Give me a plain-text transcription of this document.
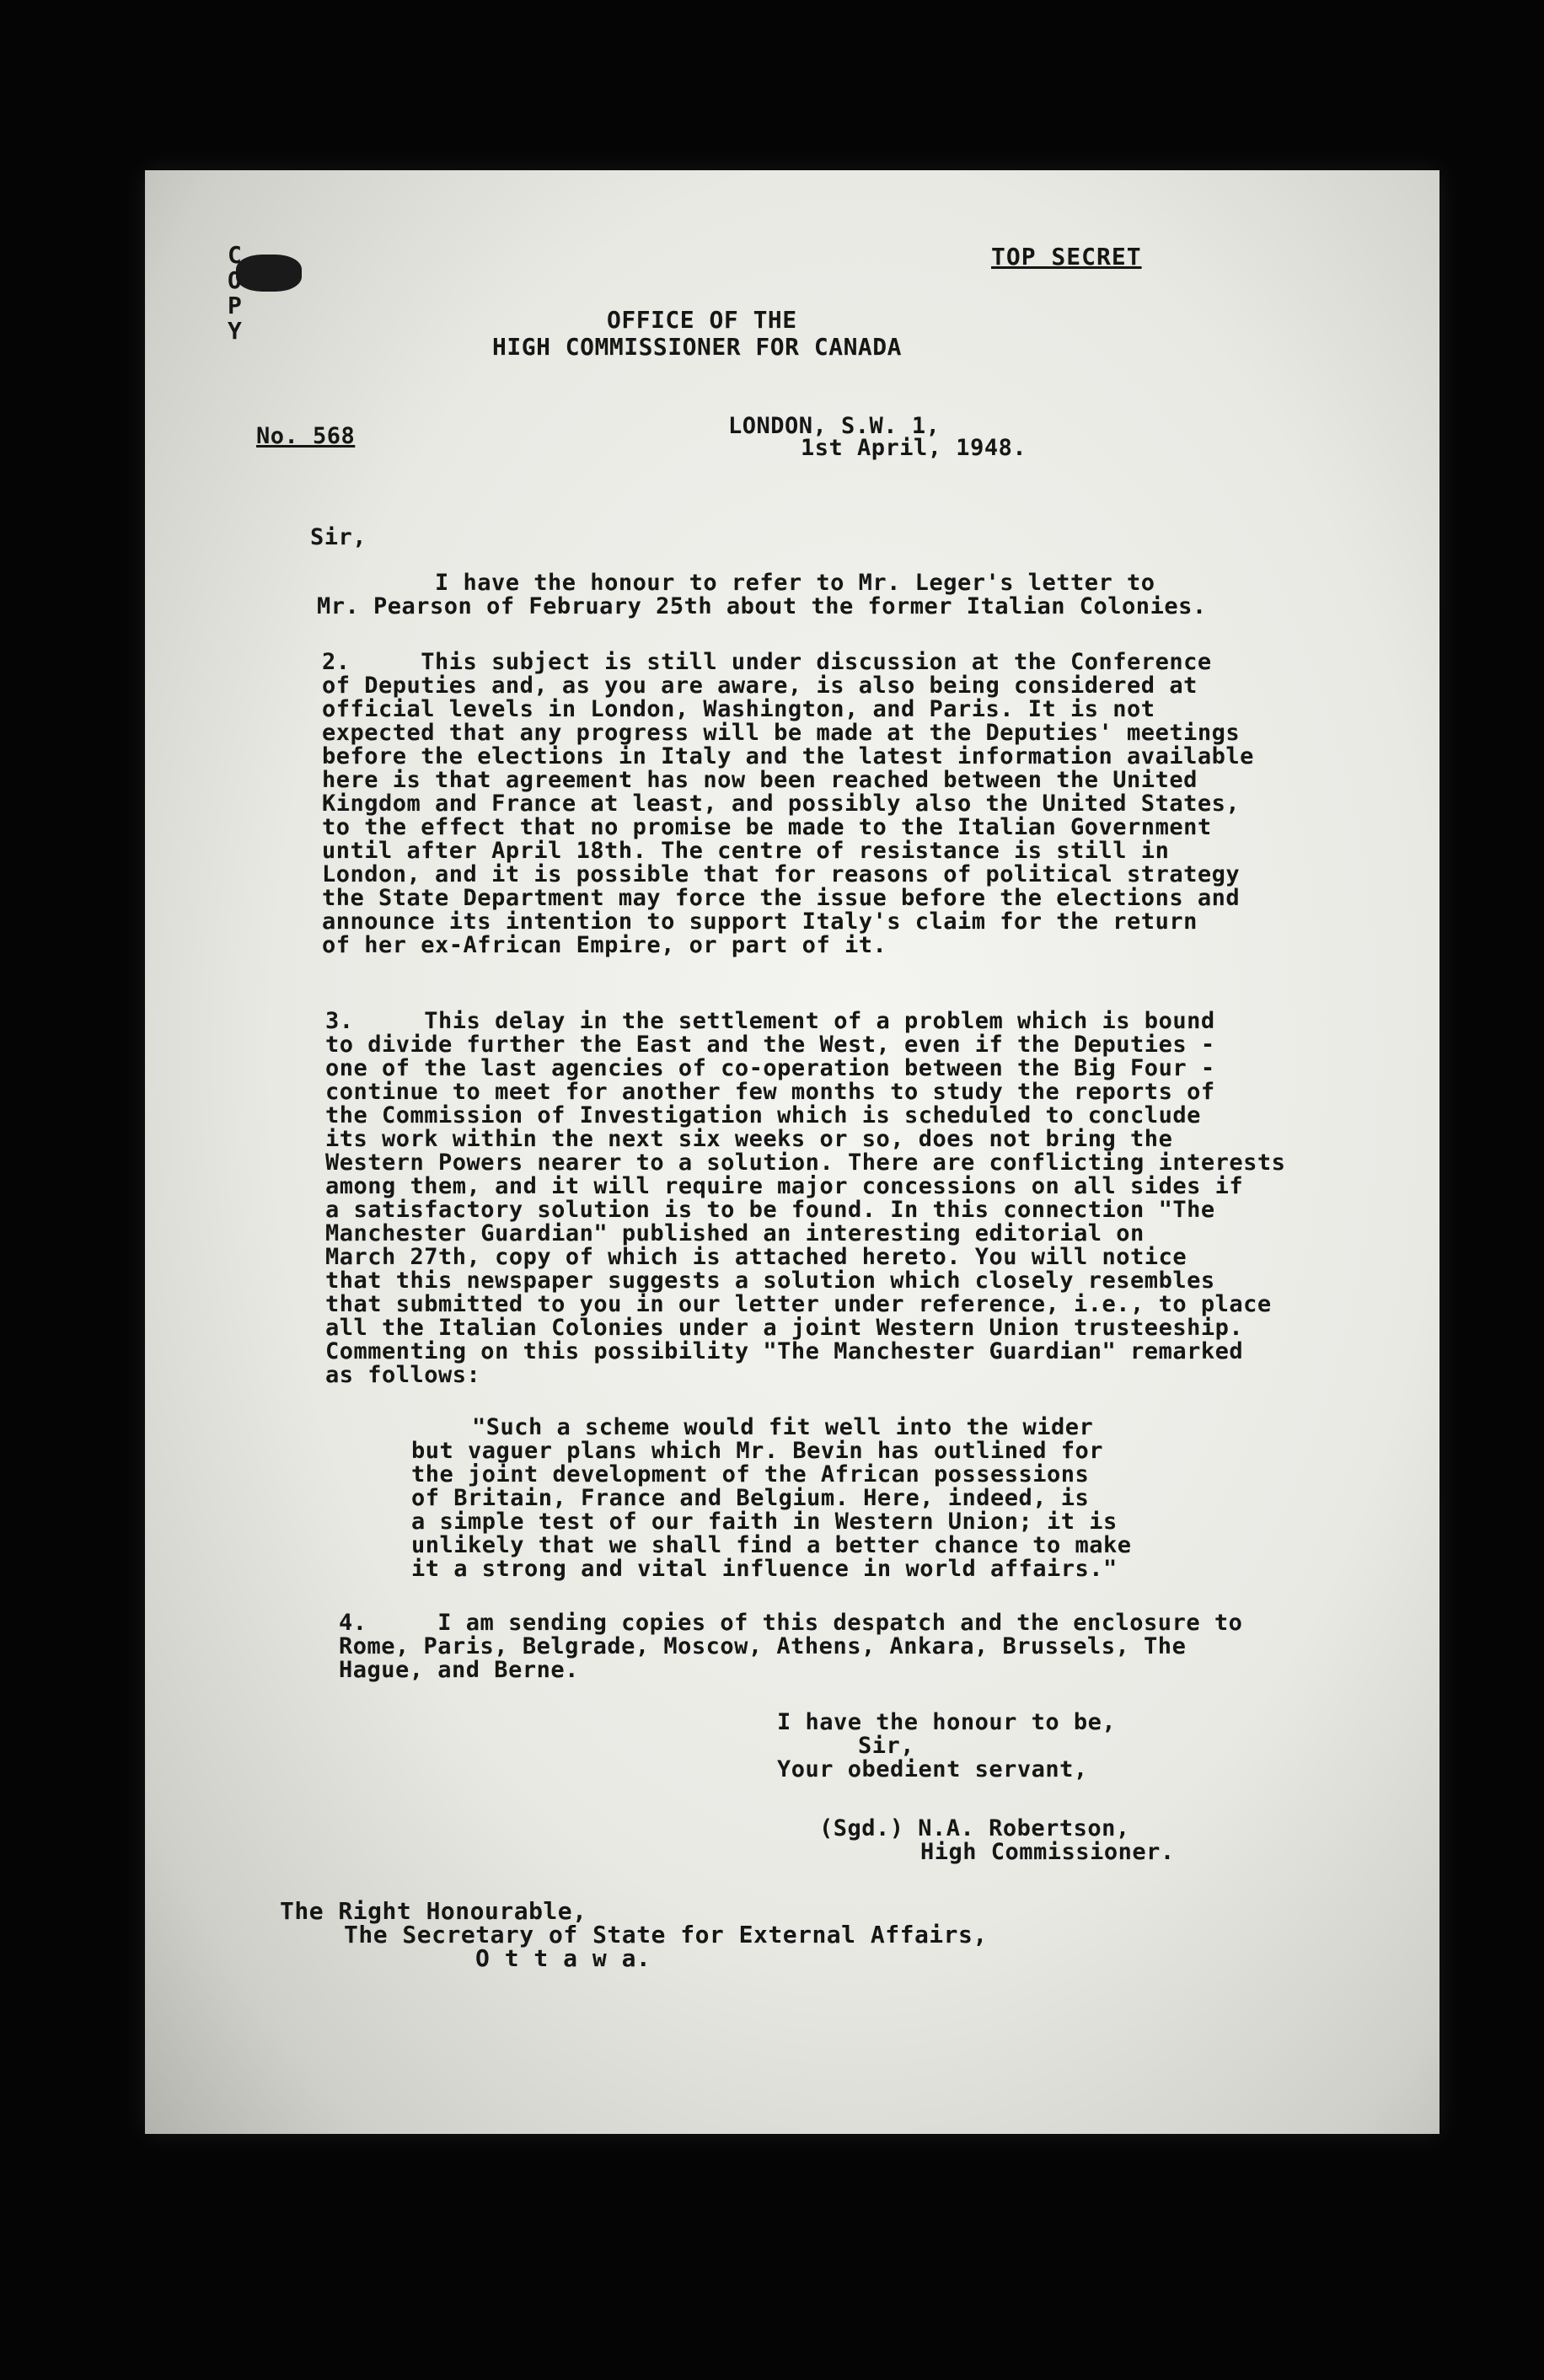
C
O
P
Y
TOP SECRET
OFFICE OF THE
HIGH COMMISSIONER FOR CANADA
No. 568	LONDON, S.W. 1,
1st April, 1948.
Sir,
I have the honour to refer to Mr. Leger's letter to
Mr. Pearson of February 25th about the former Italian Colonies.
2.     This subject is still under discussion at the Conference
of Deputies and, as you are aware, is also being considered at
official levels in London, Washington, and Paris. It is not
expected that any progress will be made at the Deputies' meetings
before the elections in Italy and the latest information available
here is that agreement has now been reached between the United
Kingdom and France at least, and possibly also the United States,
to the effect that no promise be made to the Italian Government
until after April 18th. The centre of resistance is still in
London, and it is possible that for reasons of political strategy
the State Department may force the issue before the elections and
announce its intention to support Italy's claim for the return
of her ex-African Empire, or part of it.
3.     This delay in the settlement of a problem which is bound
to divide further the East and the West, even if the Deputies -
one of the last agencies of co-operation between the Big Four -
continue to meet for another few months to study the reports of
the Commission of Investigation which is scheduled to conclude
its work within the next six weeks or so, does not bring the
Western Powers nearer to a solution. There are conflicting interests
among them, and it will require major concessions on all sides if
a satisfactory solution is to be found. In this connection "The
Manchester Guardian" published an interesting editorial on
March 27th, copy of which is attached hereto. You will notice
that this newspaper suggests a solution which closely resembles
that submitted to you in our letter under reference, i.e., to place
all the Italian Colonies under a joint Western Union trusteeship.
Commenting on this possibility "The Manchester Guardian" remarked
as follows:
"Such a scheme would fit well into the wider
but vaguer plans which Mr. Bevin has outlined for
the joint development of the African possessions
of Britain, France and Belgium. Here, indeed, is
a simple test of our faith in Western Union; it is
unlikely that we shall find a better chance to make
it a strong and vital influence in world affairs."
4.     I am sending copies of this despatch and the enclosure to
Rome, Paris, Belgrade, Moscow, Athens, Ankara, Brussels, The
Hague, and Berne.
I have the honour to be,
Sir,
Your obedient servant,
(Sgd.) N.A. Robertson,
High Commissioner.
The Right Honourable,
The Secretary of State for External Affairs,
O t t a w a.
